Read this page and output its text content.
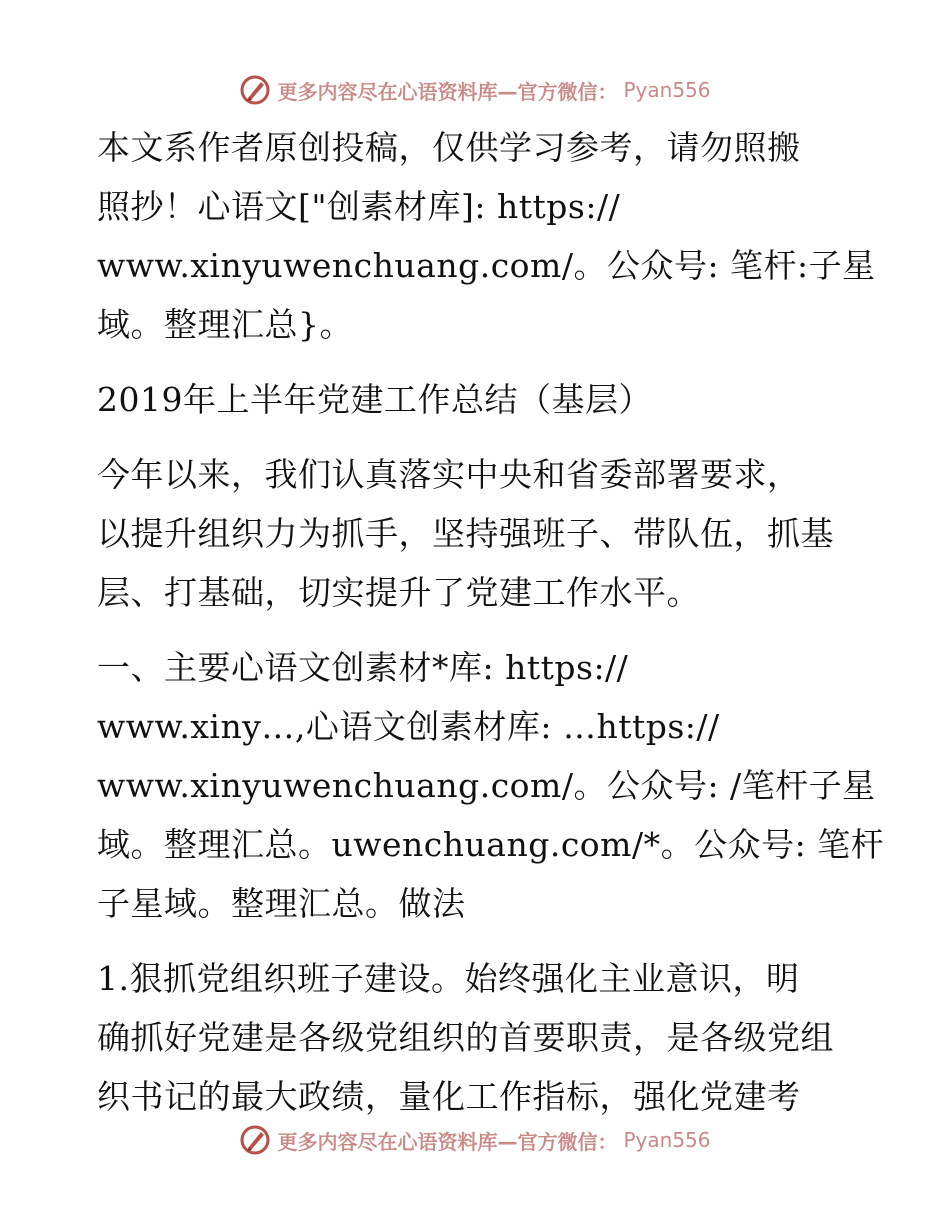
更多内容尽在心语资料库—官方微信： Pyan556

本文系作者原创投稿，仅供学习参考，请勿照搬
照抄！心语文["创素材库]: https://
www.xinyuwenchuang.com/。公众号: 笔杆:子星
域。整理汇总}。

2019年上半年党建工作总结（基层）

今年以来，我们认真落实中央和省委部署要求，
以提升组织力为抓手，坚持强班子、带队伍，抓基
层、打基础，切实提升了党建工作水平。

一、主要心语文创素材*库: https://
www.xiny…,心语文创素材库: …https://
www.xinyuwenchuang.com/。公众号: /笔杆子星
域。整理汇总。uwenchuang.com/*。公众号: 笔杆
子星域。整理汇总。做法

1.狠抓党组织班子建设。始终强化主业意识，明
确抓好党建是各级党组织的首要职责，是各级党组
织书记的最大政绩，量化工作指标，强化党建考

更多内容尽在心语资料库—官方微信： Pyan556
